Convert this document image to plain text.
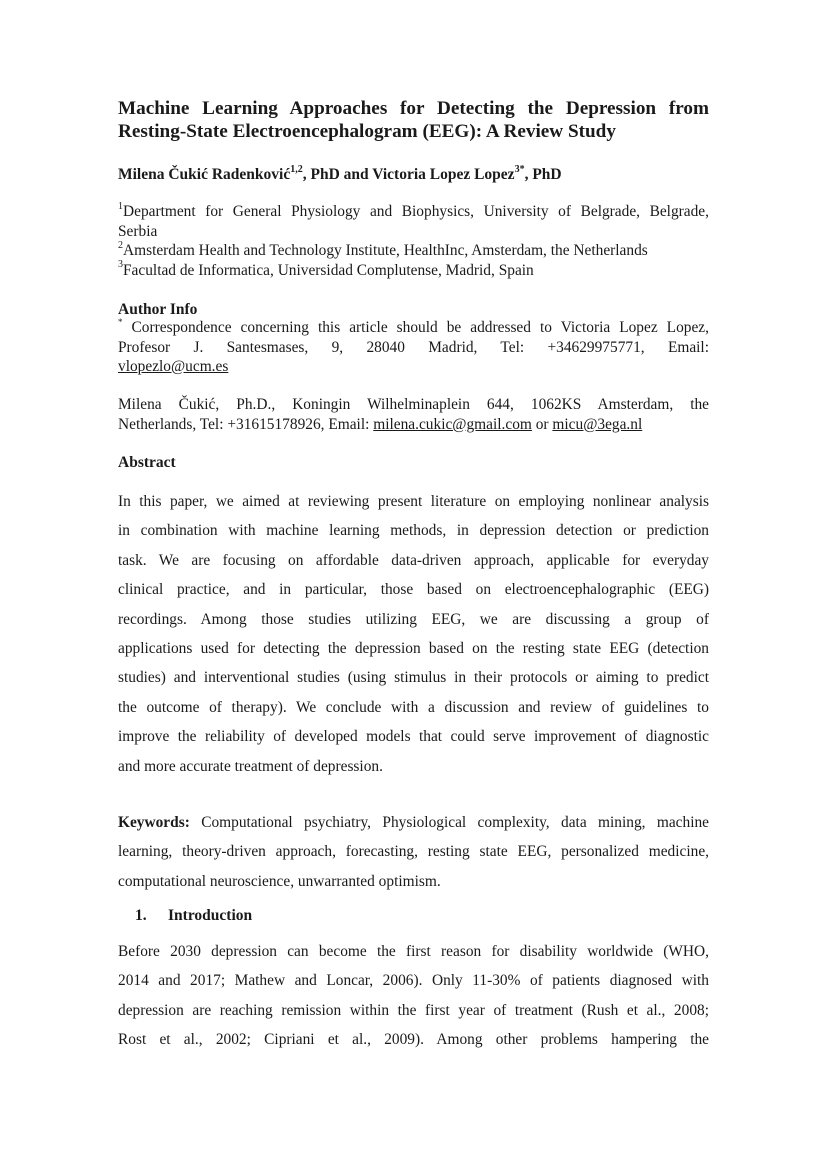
Machine Learning Approaches for Detecting the Depression from
Resting-State Electroencephalogram (EEG): A Review Study
Milena Čukić Radenković$^{1,2}$, PhD and Victoria Lopez Lopez$^{3*}$, PhD
$^1$Department for General Physiology and Biophysics, University of Belgrade, Belgrade,
Serbia
$^2$Amsterdam Health and Technology Institute, HealthInc, Amsterdam, the Netherlands
$^3$Facultad de Informatica, Universidad Complutense, Madrid, Spain
Author Info
* Correspondence concerning this article should be addressed to Victoria Lopez Lopez,
Profesor J. Santesmases, 9, 28040 Madrid, Tel: +34629975771, Email:
vlopezlo@ucm.es
Milena Čukić, Ph.D., Koningin Wilhelminaplein 644, 1062KS Amsterdam, the
Netherlands, Tel: +31615178926, Email: milena.cukic@gmail.com or micu@3ega.nl
Abstract
In this paper, we aimed at reviewing present literature on employing nonlinear analysis
in combination with machine learning methods, in depression detection or prediction
task. We are focusing on affordable data-driven approach, applicable for everyday
clinical practice, and in particular, those based on electroencephalographic (EEG)
recordings. Among those studies utilizing EEG, we are discussing a group of
applications used for detecting the depression based on the resting state EEG (detection
studies) and interventional studies (using stimulus in their protocols or aiming to predict
the outcome of therapy). We conclude with a discussion and review of guidelines to
improve the reliability of developed models that could serve improvement of diagnostic
and more accurate treatment of depression.
Keywords: Computational psychiatry, Physiological complexity, data mining, machine
learning, theory-driven approach, forecasting, resting state EEG, personalized medicine,
computational neuroscience, unwarranted optimism.
1. Introduction
Before 2030 depression can become the first reason for disability worldwide (WHO,
2014 and 2017; Mathew and Loncar, 2006). Only 11-30% of patients diagnosed with
depression are reaching remission within the first year of treatment (Rush et al., 2008;
Rost et al., 2002; Cipriani et al., 2009). Among other problems hampering the
